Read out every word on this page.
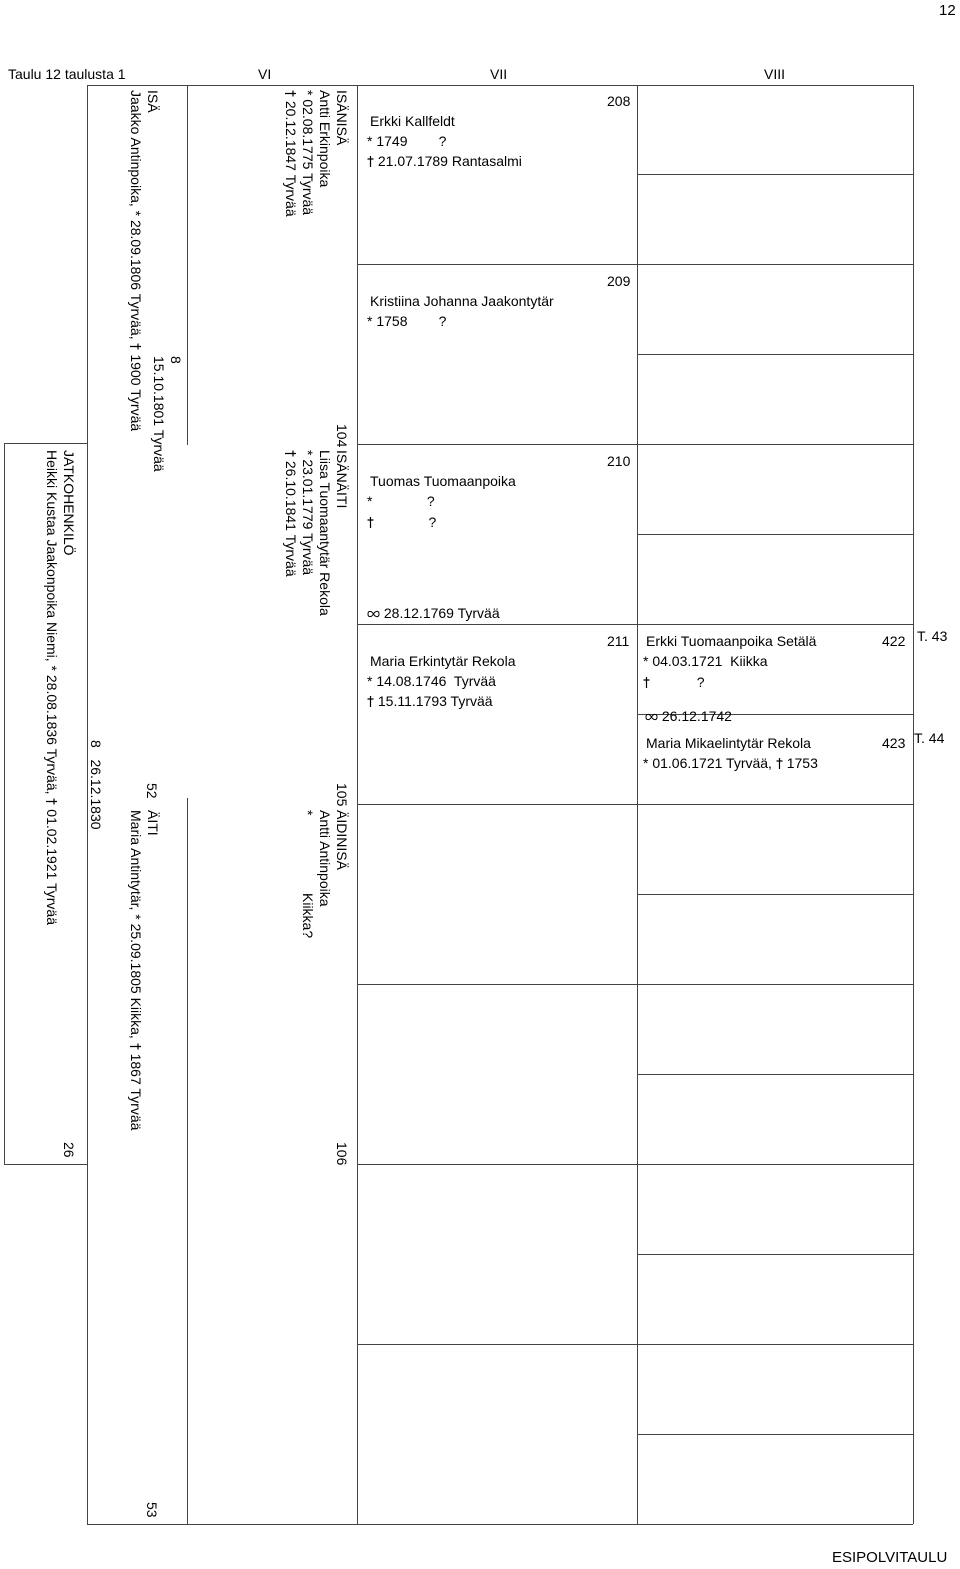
12
Taulu 12 taulusta 1	VI	VII	VIII
JATKOHENKILÖ
Heikki Kustaa Jaakonpoika Niemi, * 28.08.1836 Tyrvää,  01.02.1921 Tyrvää
26
8   26.12.1830
ISÄ
Jaakko Antinpoika, * 28.09.1806 Tyrvää,  1900 Tyrvää
52
ÄITI
Maria Antintytär, * 25.09.1805 Kiikka,  1867 Tyrvää
53
8
15.10.1801 Tyrvää
ISÄNISÄ
Antti Erkinpoika
* 02.08.1775 Tyrvää
20.12.1847 Tyrvää
104
ISÄNÄITI
Liisa Tuomaantytär Rekola
* 23.01.1779 Tyrvää
26.10.1841 Tyrvää
105
ÄIDINISÄ
Antti Antinpoika
*
Kiikka?
106
208
Erkki Kallfeldt
* 1749        ?
21.07.1789 Rantasalmi
209
Kristiina Johanna Jaakontytär
* 1758        ?
210
Tuomas Tuomaanpoika
*              ?
?
28.12.1769 Tyrvää
211
Maria Erkintytär Rekola
* 14.08.1746  Tyrvää
15.11.1793 Tyrvää
Erkki Tuomaanpoika Setälä	422 T. 43
* 04.03.1721  Kiikka
?
26.12.1742
Maria Mikaelintytär Rekola	423 T. 44
* 01.06.1721 Tyrvää, 1753
ESIPOLVITAULU
